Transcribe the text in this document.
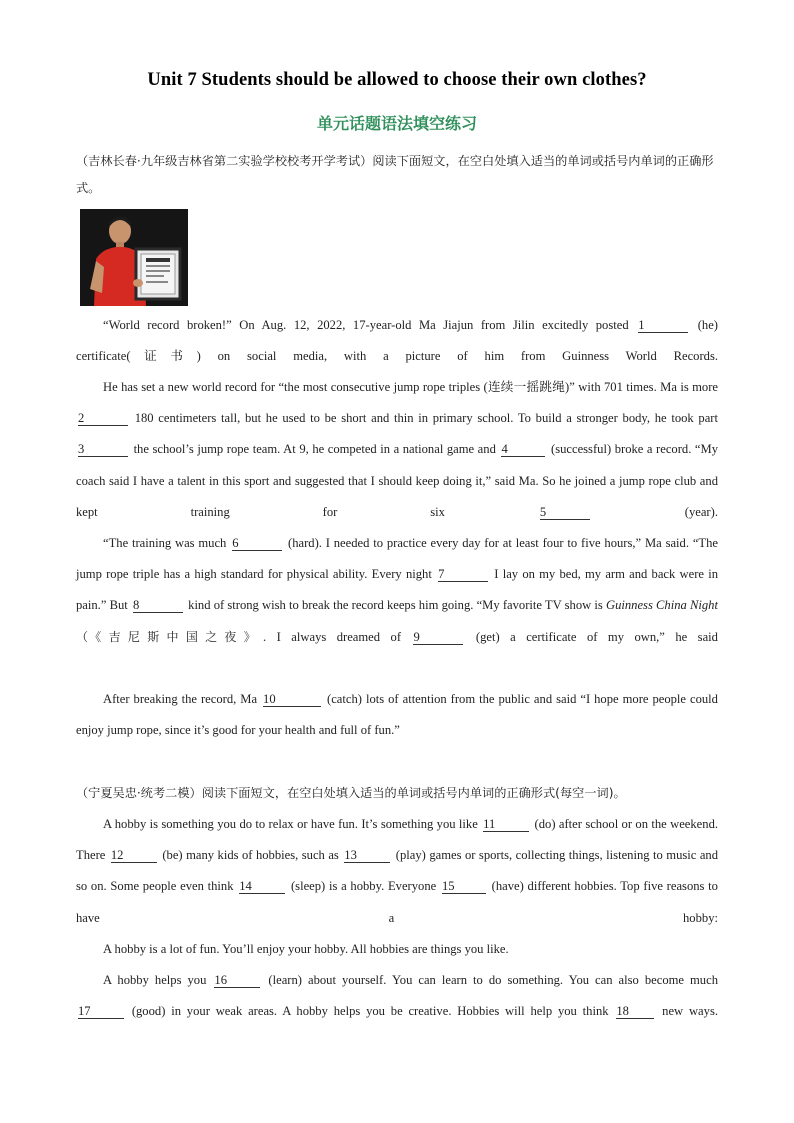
Unit 7 Students should be allowed to choose their own clothes?
单元话题语法填空练习
（吉林长春·九年级吉林省第二实验学校校考开学考试）阅读下面短文，在空白处填入适当的单词或括号内单词的正确形式。
“World record broken!” On Aug. 12, 2022, 17-year-old Ma Jiajun from Jilin excitedly posted 1	(he) certificate(证书) on social media, with a picture of him from Guinness World Records.
He has set a new world record for “the most consecutive jump rope triples (连续一摇跳绳)” with 701 times. Ma is more 2	180 centimeters tall, but he used to be short and thin in primary school. To build a stronger body, he took part 3	the school’s jump rope team. At 9, he competed in a national game and 4	(successful) broke a record. “My coach said I have a talent in this sport and suggested that I should keep doing it,” said Ma. So he joined a jump rope club and kept training for six	5	(year).
“The training was much 6	(hard). I needed to practice every day for at least four to five hours,” Ma said. “The jump rope triple has a high standard for physical ability. Every night 7	I lay on my bed, my arm and back were in pain.” But 8	kind of strong wish to break the record keeps him going. “My favorite TV show is Guinness China Night（《吉尼斯中国之夜》. I always dreamed of 9	(get) a certificate of my own,” he said
After breaking the record, Ma 10	(catch) lots of attention from the public and said “I hope more people could enjoy jump rope, since it’s good for your health and full of fun.”
（宁夏吴忠·统考二模）阅读下面短文，在空白处填入适当的单词或括号内单词的正确形式(每空一词)。
A hobby is something you do to relax or have fun. It’s something you like 11	(do) after school or on the weekend. There 12	(be) many kids of hobbies, such as 13	(play) games or sports, collecting things, listening to music and so on. Some people even think 14	(sleep) is a hobby. Everyone 15	(have) different hobbies. Top five reasons to have a hobby:
A hobby is a lot of fun. You’ll enjoy your hobby. All hobbies are things you like.
A hobby helps you 16	(learn) about yourself. You can learn to do something. You can also become much 17	(good) in your weak areas. A hobby helps you be creative. Hobbies will help you think 18	new ways.
